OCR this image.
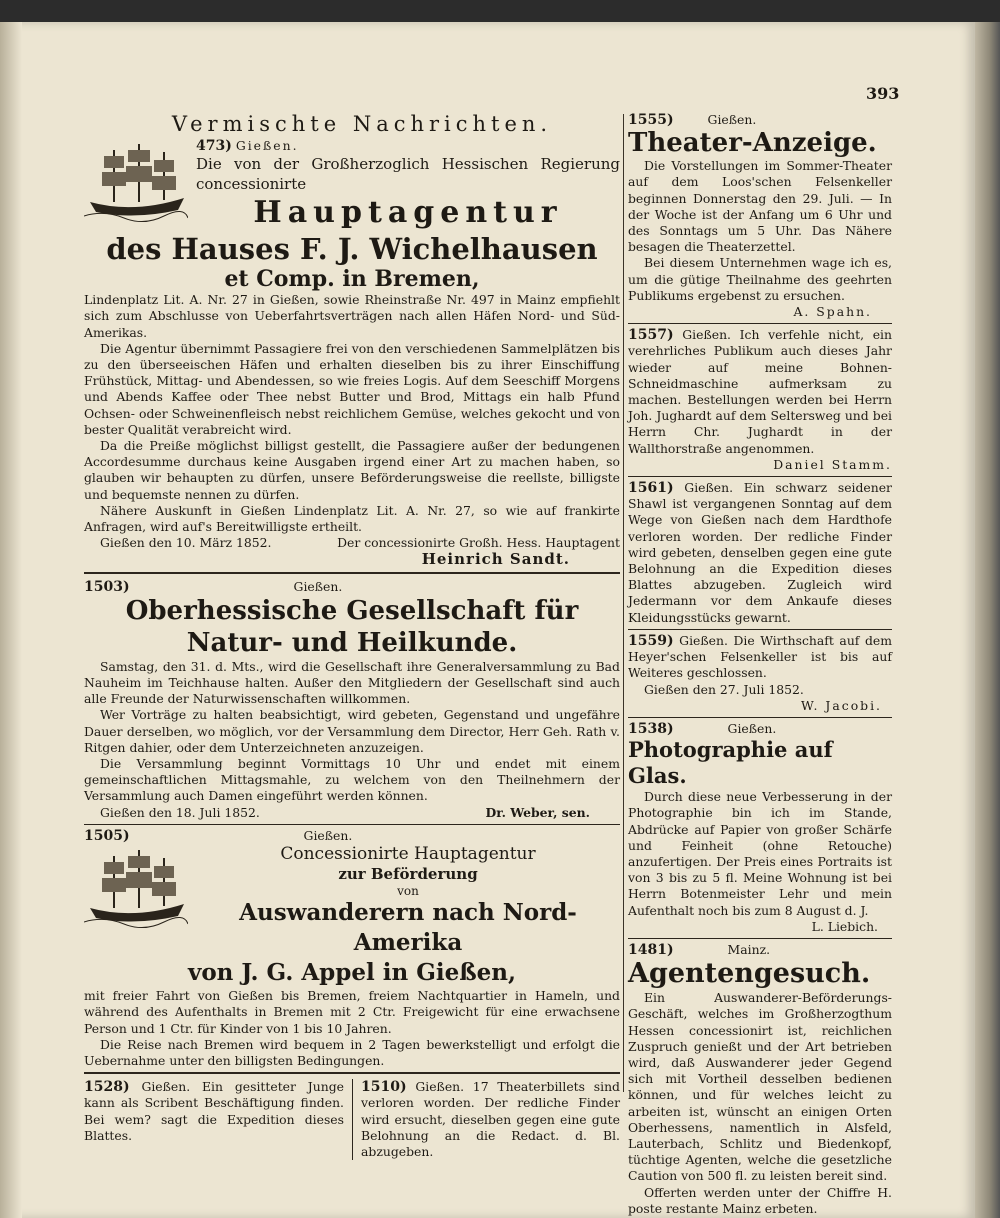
393
Vermischte Nachrichten.

473) Gießen.

Die von der Großherzoglich Hessischen Regierung concessionirte

Hauptagentur
des Hauses F. J. Wichelhausen
et Comp. in Bremen,

Lindenplatz Lit. A. Nr. 27 in Gießen, sowie Rheinstraße Nr. 497 in Mainz empfiehlt sich zum Abschlusse von Ueberfahrtsverträgen nach allen Häfen Nord- und Süd-Amerikas.

Die Agentur übernimmt Passagiere frei von den verschiedenen Sammelplätzen bis zu den überseeischen Häfen und erhalten dieselben bis zu ihrer Einschiffung Frühstück, Mittag- und Abendessen, so wie freies Logis. Auf dem Seeschiff Morgens und Abends Kaffee oder Thee nebst Butter und Brod, Mittags ein halb Pfund Ochsen- oder Schweinenfleisch nebst reichlichem Gemüse, welches gekocht und von bester Qualität verabreicht wird.

Da die Preiße möglichst billigst gestellt, die Passagiere außer der bedungenen Accordesumme durchaus keine Ausgaben irgend einer Art zu machen haben, so glauben wir behaupten zu dürfen, unsere Beförderungsweise die reellste, billigste und bequemste nennen zu dürfen.

Nähere Auskunft in Gießen Lindenplatz Lit. A. Nr. 27, so wie auf frankirte Anfragen, wird auf's Bereitwilligste ertheilt.

Gießen den 10. März 1852.	Der concessionirte Großh. Hess. Hauptagent

Heinrich Sandt.

1503)	Gießen.

Oberhessische Gesellschaft für Natur- und Heilkunde.

Samstag, den 31. d. Mts., wird die Gesellschaft ihre Generalversammlung zu Bad Nauheim im Teichhause halten. Außer den Mitgliedern der Gesellschaft sind auch alle Freunde der Naturwissenschaften willkommen.

Wer Vorträge zu halten beabsichtigt, wird gebeten, Gegenstand und ungefähre Dauer derselben, wo möglich, vor der Versammlung dem Director, Herr Geh. Rath v. Ritgen dahier, oder dem Unterzeichneten anzuzeigen.

Die Versammlung beginnt Vormittags 10 Uhr und endet mit einem gemeinschaftlichen Mittagsmahle, zu welchem von den Theilnehmern der Versammlung auch Damen eingeführt werden können.

Gießen den 18. Juli 1852.	Dr. Weber, sen.

1505)	Gießen.

Concessionirte Hauptagentur
zur Beförderung
von
Auswanderern nach Nord-Amerika
von J. G. Appel in Gießen,

mit freier Fahrt von Gießen bis Bremen, freiem Nachtquartier in Hameln, und während des Aufenthalts in Bremen mit 2 Ctr. Freigewicht für eine erwachsene Person und 1 Ctr. für Kinder von 1 bis 10 Jahren.

Die Reise nach Bremen wird bequem in 2 Tagen bewerkstelligt und erfolgt die Uebernahme unter den billigsten Bedingungen.

1528) Gießen. Ein gesitteter Junge kann als Scribent Beschäftigung finden. Bei wem? sagt die Expedition dieses Blattes.

1510) Gießen. 17 Theaterbillets sind verloren worden. Der redliche Finder wird ersucht, dieselben gegen eine gute Belohnung an die Redact. d. Bl. abzugeben.

1555)	Gießen.

Theater-Anzeige.

Die Vorstellungen im Sommer-Theater auf dem Loos'schen Felsenkeller beginnen Donnerstag den 29. Juli. — In der Woche ist der Anfang um 6 Uhr und des Sonntags um 5 Uhr. Das Nähere besagen die Theaterzettel.

Bei diesem Unternehmen wage ich es, um die gütige Theilnahme des geehrten Publikums ergebenst zu ersuchen.

A. Spahn.

1557) Gießen. Ich verfehle nicht, ein verehrliches Publikum auch dieses Jahr wieder auf meine Bohnen-Schneidmaschine aufmerksam zu machen. Bestellungen werden bei Herrn Joh. Jughardt auf dem Seltersweg und bei Herrn Chr. Jughardt in der Wallthorstraße angenommen.

Daniel Stamm.

1561) Gießen. Ein schwarz seidener Shawl ist vergangenen Sonntag auf dem Wege von Gießen nach dem Hardthofe verloren worden. Der redliche Finder wird gebeten, denselben gegen eine gute Belohnung an die Expedition dieses Blattes abzugeben. Zugleich wird Jedermann vor dem Ankaufe dieses Kleidungsstücks gewarnt.

1559) Gießen. Die Wirthschaft auf dem Heyer'schen Felsenkeller ist bis auf Weiteres geschlossen.

Gießen den 27. Juli 1852.

W. Jacobi.

1538)	Gießen.

Photographie auf Glas.

Durch diese neue Verbesserung in der Photographie bin ich im Stande, Abdrücke auf Papier von großer Schärfe und Feinheit (ohne Retouche) anzufertigen. Der Preis eines Portraits ist von 3 bis zu 5 fl. Meine Wohnung ist bei Herrn Botenmeister Lehr und mein Aufenthalt noch bis zum 8 August d. J.

L. Liebich.

1481)	Mainz.

Agentengesuch.

Ein Auswanderer-Beförderungs-Geschäft, welches im Großherzogthum Hessen concessionirt ist, reichlichen Zuspruch genießt und der Art betrieben wird, daß Auswanderer jeder Gegend sich mit Vortheil desselben bedienen können, und für welches leicht zu arbeiten ist, wünscht an einigen Orten Oberhessens, namentlich in Alsfeld, Lauterbach, Schlitz und Biedenkopf, tüchtige Agenten, welche die gesetzliche Caution von 500 fl. zu leisten bereit sind.

Offerten werden unter der Chiffre H. poste restante Mainz erbeten.
